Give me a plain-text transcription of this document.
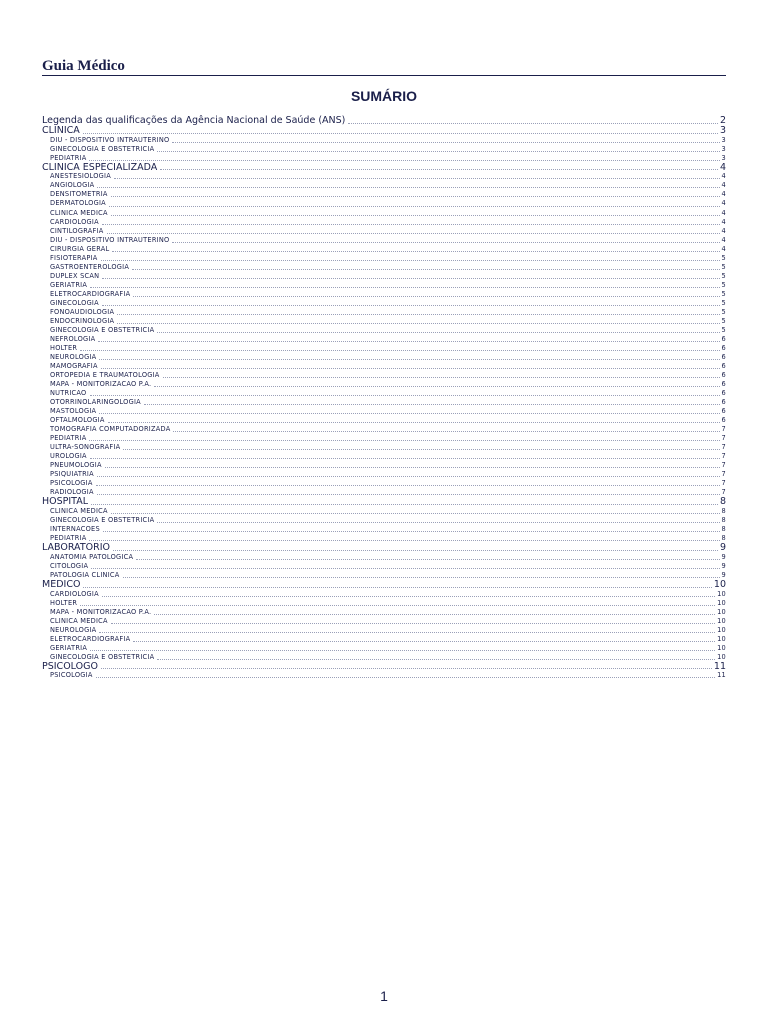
Guia Médico
SUMÁRIO
Legenda das qualificações da Agência Nacional de Saúde (ANS)	2
CLINICA	3
DIU - DISPOSITIVO INTRAUTERINO	3
GINECOLOGIA E OBSTETRICIA	3
PEDIATRIA	3
CLINICA ESPECIALIZADA	4
ANESTESIOLOGIA	4
ANGIOLOGIA	4
DENSITOMETRIA	4
DERMATOLOGIA	4
CLINICA MEDICA	4
CARDIOLOGIA	4
CINTILOGRAFIA	4
DIU - DISPOSITIVO INTRAUTERINO	4
CIRURGIA GERAL	4
FISIOTERAPIA	5
GASTROENTEROLOGIA	5
DUPLEX SCAN	5
GERIATRIA	5
ELETROCARDIOGRAFIA	5
GINECOLOGIA	5
FONOAUDIOLOGIA	5
ENDOCRINOLOGIA	5
GINECOLOGIA E OBSTETRICIA	5
NEFROLOGIA	6
HOLTER	6
NEUROLOGIA	6
MAMOGRAFIA	6
ORTOPEDIA E TRAUMATOLOGIA	6
MAPA - MONITORIZACAO P.A.	6
NUTRICAO	6
OTORRINOLARINGOLOGIA	6
MASTOLOGIA	6
OFTALMOLOGIA	6
TOMOGRAFIA COMPUTADORIZADA	7
PEDIATRIA	7
ULTRA-SONOGRAFIA	7
UROLOGIA	7
PNEUMOLOGIA	7
PSIQUIATRIA	7
PSICOLOGIA	7
RADIOLOGIA	7
HOSPITAL	8
CLINICA MEDICA	8
GINECOLOGIA E OBSTETRICIA	8
INTERNACOES	8
PEDIATRIA	8
LABORATORIO	9
ANATOMIA PATOLOGICA	9
CITOLOGIA	9
PATOLOGIA CLINICA	9
MEDICO	10
CARDIOLOGIA	10
HOLTER	10
MAPA - MONITORIZACAO P.A.	10
CLINICA MEDICA	10
NEUROLOGIA	10
ELETROCARDIOGRAFIA	10
GERIATRIA	10
GINECOLOGIA E OBSTETRICIA	10
PSICOLOGO	11
PSICOLOGIA	11
1
